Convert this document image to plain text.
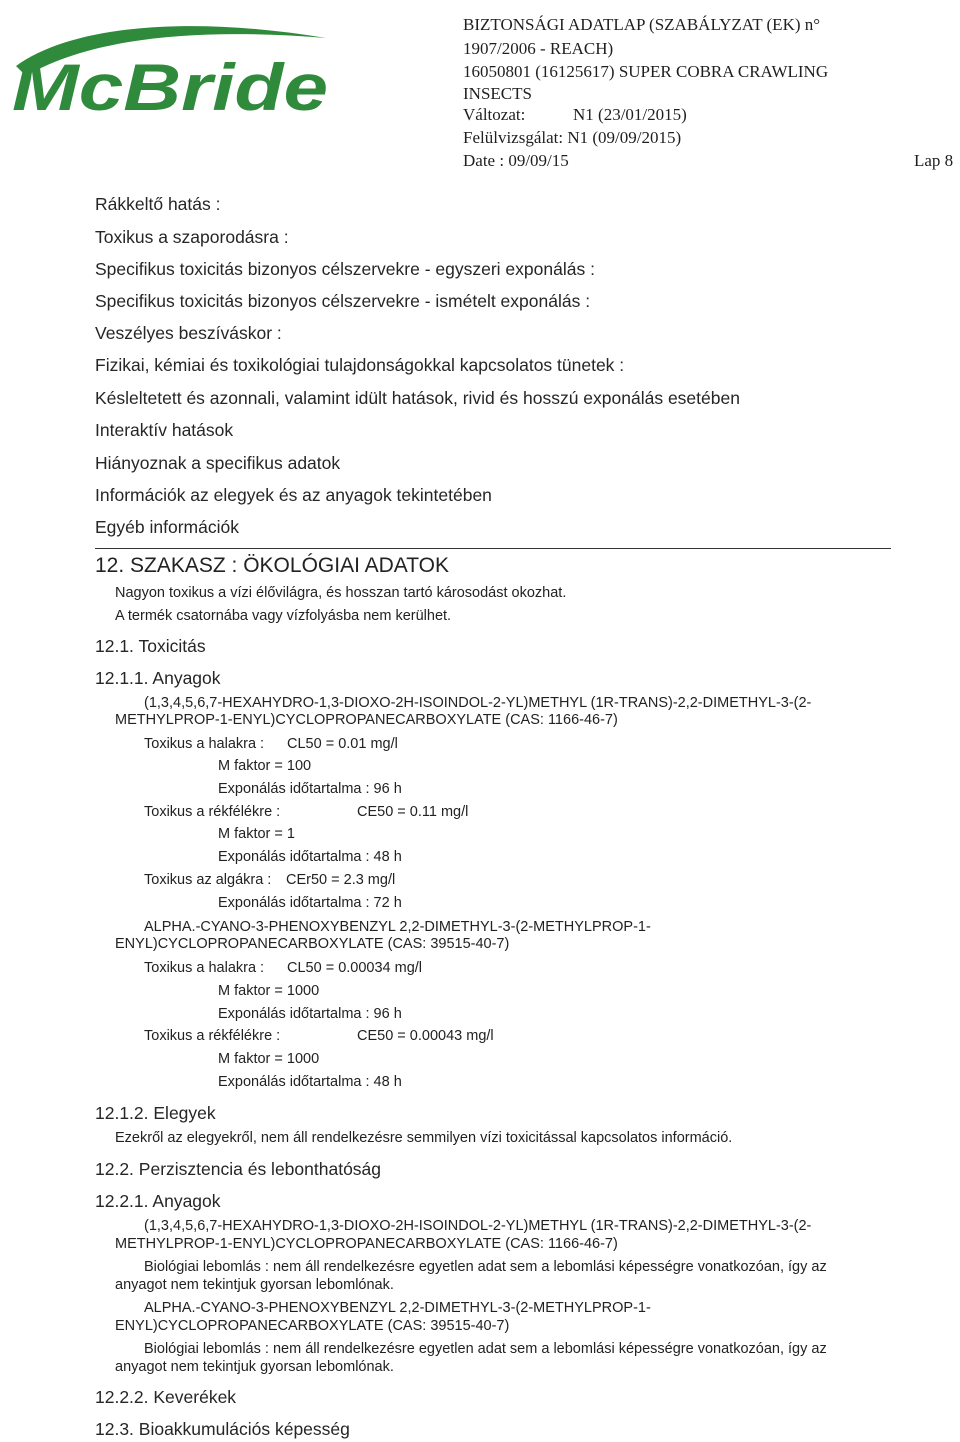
McBride
BIZTONSÁGI ADATLAP (SZABÁLYZAT (EK) n°
1907/2006 - REACH)
16050801 (16125617) SUPER COBRA CRAWLING
INSECTS
Változat:	N1 (23/01/2015)
Felülvizsgálat: N1 (09/09/2015)
Date : 09/09/15	Lap 8
Rákkeltő hatás :
Toxikus a szaporodásra :
Specifikus toxicitás bizonyos célszervekre - egyszeri exponálás :
Specifikus toxicitás bizonyos célszervekre - ismételt exponálás :
Veszélyes beszíváskor :
Fizikai, kémiai és toxikológiai tulajdonságokkal kapcsolatos tünetek :
Késleltetett és azonnali, valamint idült hatások, rivid és hosszú exponálás esetében
Interaktív hatások
Hiányoznak a specifikus adatok
Információk az elegyek és az anyagok tekintetében
Egyéb információk
12. SZAKASZ : ÖKOLÓGIAI ADATOK
Nagyon toxikus a vízi élővilágra, és hosszan tartó károsodást okozhat.
A termék csatornába vagy vízfolyásba nem kerülhet.
12.1. Toxicitás
12.1.1. Anyagok
(1,3,4,5,6,7-HEXAHYDRO-1,3-DIOXO-2H-ISOINDOL-2-YL)METHYL (1R-TRANS)-2,2-DIMETHYL-3-(2-
METHYLPROP-1-ENYL)CYCLOPROPANECARBOXYLATE (CAS: 1166-46-7)
Toxikus a halakra : CL50 = 0.01 mg/l
M faktor = 100
Exponálás időtartalma : 96 h
Toxikus a rékfélékre :	CE50 = 0.11 mg/l
M faktor = 1
Exponálás időtartalma : 48 h
Toxikus az algákra : CEr50 = 2.3 mg/l
Exponálás időtartalma : 72 h
ALPHA.-CYANO-3-PHENOXYBENZYL 2,2-DIMETHYL-3-(2-METHYLPROP-1-
ENYL)CYCLOPROPANECARBOXYLATE (CAS: 39515-40-7)
Toxikus a halakra : CL50 = 0.00034 mg/l
M faktor = 1000
Exponálás időtartalma : 96 h
Toxikus a rékfélékre :	CE50 = 0.00043 mg/l
M faktor = 1000
Exponálás időtartalma : 48 h
12.1.2. Elegyek
Ezekről az elegyekről, nem áll rendelkezésre semmilyen vízi toxicitással kapcsolatos információ.
12.2. Perzisztencia és lebonthatóság
12.2.1. Anyagok
(1,3,4,5,6,7-HEXAHYDRO-1,3-DIOXO-2H-ISOINDOL-2-YL)METHYL (1R-TRANS)-2,2-DIMETHYL-3-(2-
METHYLPROP-1-ENYL)CYCLOPROPANECARBOXYLATE (CAS: 1166-46-7)
Biológiai lebomlás : nem áll rendelkezésre egyetlen adat sem a lebomlási képességre vonatkozóan, így az
anyagot nem tekintjuk gyorsan lebomlónak.
ALPHA.-CYANO-3-PHENOXYBENZYL 2,2-DIMETHYL-3-(2-METHYLPROP-1-
ENYL)CYCLOPROPANECARBOXYLATE (CAS: 39515-40-7)
Biológiai lebomlás : nem áll rendelkezésre egyetlen adat sem a lebomlási képességre vonatkozóan, így az
anyagot nem tekintjuk gyorsan lebomlónak.
12.2.2. Keverékek
12.3. Bioakkumulációs képesség
